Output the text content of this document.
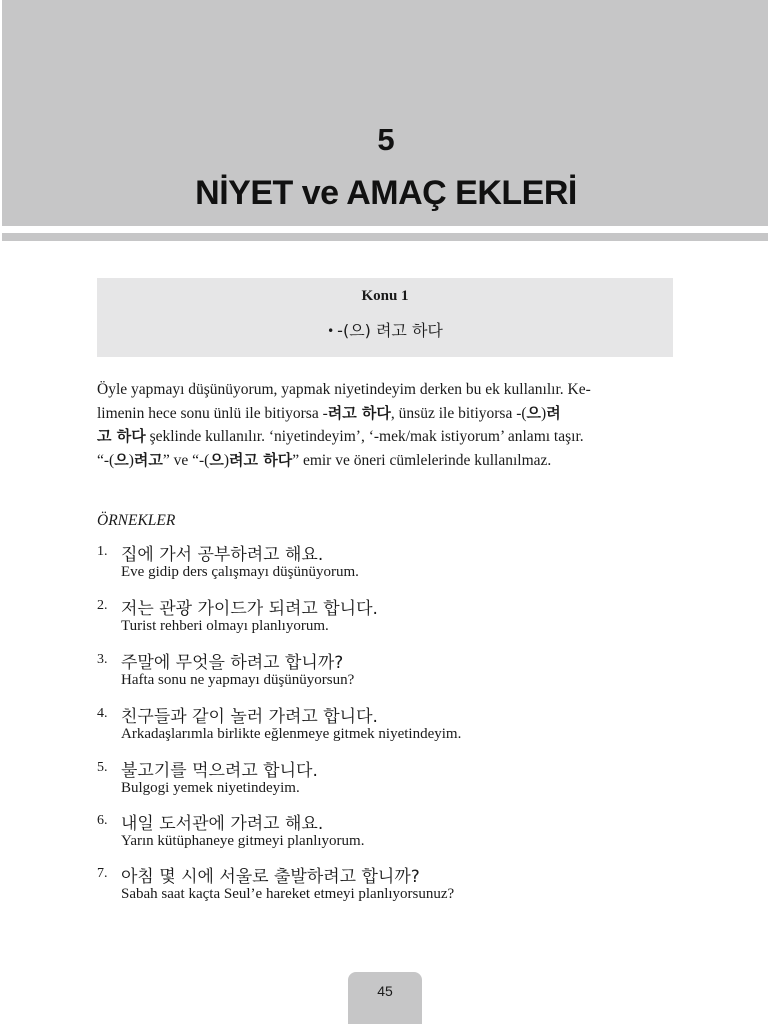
5
NİYET ve AMAÇ EKLERİ
Konu 1
• -(으) 려고 하다
Öyle yapmayı düşünüyorum, yapmak niyetindeyim derken bu ek kullanılır. Ke-
limenin hece sonu ünlü ile bitiyorsa -려고 하다, ünsüz ile bitiyorsa -(으)려
고 하다 şeklinde kullanılır. ‘niyetindeyim’, ‘-mek/mak istiyorum’ anlamı taşır.
“-(으)려고” ve “-(으)려고 하다” emir ve öneri cümlelerinde kullanılmaz.
ÖRNEKLER
1. 집에 가서 공부하려고 해요.
Eve gidip ders çalışmayı düşünüyorum.
2. 저는 관광 가이드가 되려고 합니다.
Turist rehberi olmayı planlıyorum.
3. 주말에 무엇을 하려고 합니까?
Hafta sonu ne yapmayı düşünüyorsun?
4. 친구들과 같이 놀러 가려고 합니다.
Arkadaşlarımla birlikte eğlenmeye gitmek niyetindeyim.
5. 불고기를 먹으려고 합니다.
Bulgogi yemek niyetindeyim.
6. 내일 도서관에 가려고 해요.
Yarın kütüphaneye gitmeyi planlıyorum.
7. 아침 몇 시에 서울로 출발하려고 합니까?
Sabah saat kaçta Seul’e hareket etmeyi planlıyorsunuz?
45
